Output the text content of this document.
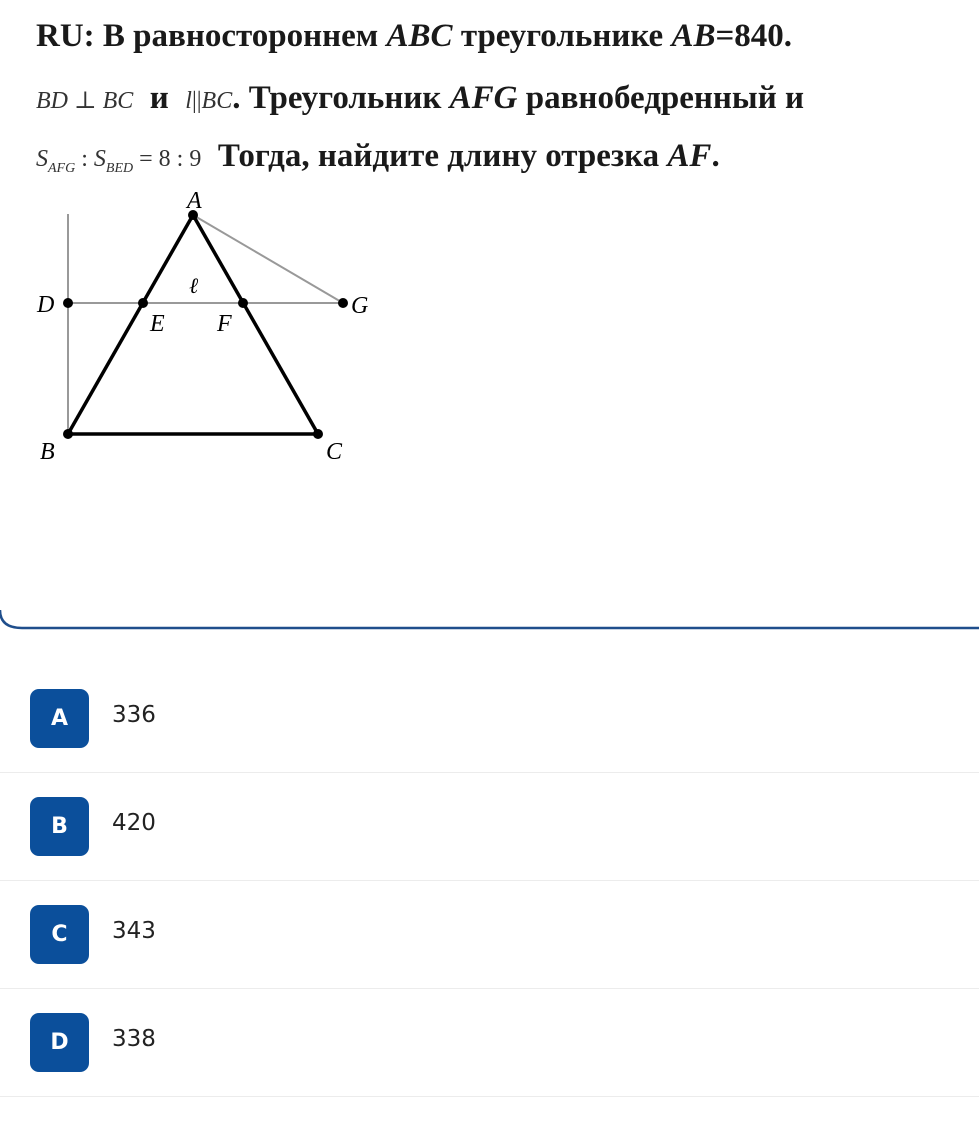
RU: В равностороннем ABC треугольнике AB=840.
BD ⊥ BC и l||BC. Треугольник AFG равнобедренный и
$S_{AFG}$ : $S_{BED} = 8$ : 9 Тогда, найдите длину отрезка AF.
A
B	C
D
E F
G
ℓ
A	336
B	420
C	343
D	338
